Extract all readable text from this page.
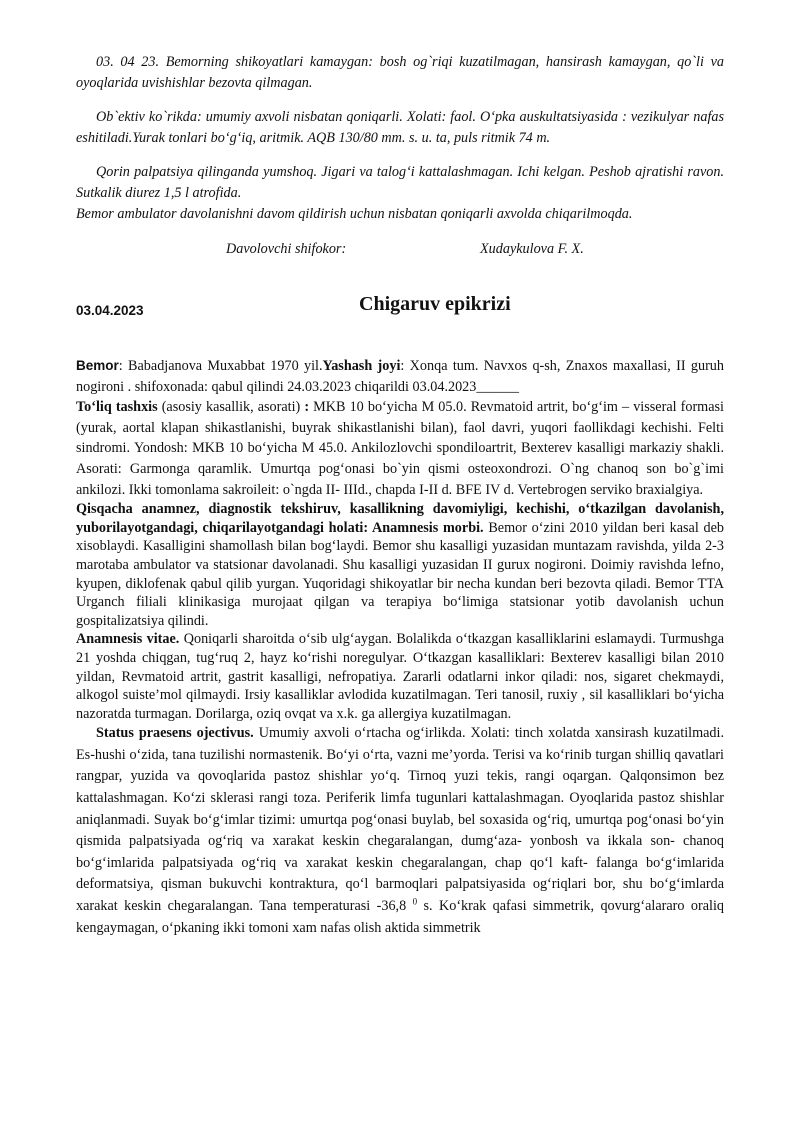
03. 04 23. Bemorning shikoyatlari kamaygan: bosh og`riqi kuzatilmagan, hansirash kamaygan, qo`li va oyoqlarida uvishishlar bezovta qilmagan.

Ob`ektiv ko`rikda: umumiy axvoli nisbatan qoniqarli. Xolati: faol. O‘pka auskultatsiyasida : vezikulyar nafas eshitiladi.Yurak tonlari bo‘g‘iq, aritmik. AQB 130/80 mm. s. u. ta, puls ritmik 74 m.

Qorin palpatsiya qilinganda yumshoq. Jigari va talog‘i kattalashmagan. Ichi kelgan. Peshob ajratishi ravon. Sutkalik diurez 1,5 l atrofida.

Bemor ambulator davolanishni davom qildirish uchun nisbatan qoniqarli axvolda chiqarilmoqda.

Davolovchi shifokor:	Xudaykulova F. X.
03.04.2023	Chigaruv epikrizi

Bemor: Babadjanova Muxabbat 1970 yil.Yashash joyi: Xonqa tum. Navxos q-sh, Znaxos maxallasi, II guruh nogironi . shifoxonada: qabul qilindi 24.03.2023 chiqarildi 03.04.2023______

To‘liq tashxis (asosiy kasallik, asorati) : MKB 10 bo‘yicha M 05.0. Revmatoid artrit, bo‘g‘im – visseral formasi (yurak, aortal klapan shikastlanishi, buyrak shikastlanishi bilan), faol davri, yuqori faollikdagi kechishi. Felti sindromi. Yondosh: MKB 10 bo‘yicha M 45.0. Ankilozlovchi spondiloartrit, Bexterev kasalligi markaziy shakli. Asorati: Garmonga qaramlik. Umurtqa pog‘onasi bo`yin qismi osteoxondrozi. O`ng chanoq son bo`g`imi ankilozi. Ikki tomonlama sakroileit: o`ngda II- IIId., chapda I-II d. BFE IV d. Vertebrogen serviko braxialgiya.

Qisqacha anamnez, diagnostik tekshiruv, kasallikning davomiyligi, kechishi, o‘tkazilgan davolanish, yuborilayotgandagi, chiqarilayotgandagi holati: Anamnesis morbi. Bemor o‘zini 2010 yildan beri kasal deb xisoblaydi. Kasalligini shamollash bilan bog‘laydi. Bemor shu kasalligi yuzasidan muntazam ravishda, yilda 2-3 marotaba ambulator va statsionar davolanadi. Shu kasalligi yuzasidan II gurux nogironi. Doimiy ravishda lefno, kyupen, diklofenak qabul qilib yurgan. Yuqoridagi shikoyatlar bir necha kundan beri bezovta qiladi. Bemor TTA Urganch filiali klinikasiga murojaat qilgan va terapiya bo‘limiga statsionar yotib davolanish uchun gospitalizatsiya qilindi.

Anamnesis vitae. Qoniqarli sharoitda o‘sib ulg‘aygan. Bolalikda o‘tkazgan kasalliklarini eslamaydi. Turmushga 21 yoshda chiqgan, tug‘ruq 2, hayz ko‘rishi noregulyar. O‘tkazgan kasalliklari: Bexterev kasalligi bilan 2010 yildan, Revmatoid artrit, gastrit kasalligi, nefropatiya. Zararli odatlarni inkor qiladi: nos, sigaret chekmaydi, alkogol suiste’mol qilmaydi. Irsiy kasalliklar avlodida kuzatilmagan. Teri tanosil, ruxiy , sil kasalliklari bo‘yicha nazoratda turmagan. Dorilarga, oziq ovqat va x.k. ga allergiya kuzatilmagan.

Status praesens ojectivus. Umumiy axvoli o‘rtacha og‘irlikda. Xolati: tinch xolatda xansirash kuzatilmadi. Es-hushi o‘zida, tana tuzilishi normastenik. Bo‘yi o‘rta, vazni me’yorda. Terisi va ko‘rinib turgan shilliq qavatlari rangpar, yuzida va qovoqlarida pastoz shishlar yo‘q. Tirnoq yuzi tekis, rangi oqargan. Qalqonsimon bez kattalashmagan. Ko‘zi sklerasi rangi toza. Periferik limfa tugunlari kattalashmagan. Oyoqlarida pastoz shishlar aniqlanmadi. Suyak bo‘g‘imlar tizimi: umurtqa pog‘onasi buylab, bel soxasida og‘riq, umurtqa pog‘onasi bo‘yin qismida palpatsiyada og‘riq va xarakat keskin chegaralangan, dumg‘aza- yonbosh va ikkala son- chanoq bo‘g‘imlarida palpatsiyada og‘riq va xarakat keskin chegaralangan, chap qo‘l kaft- falanga bo‘g‘imlarida deformatsiya, qisman bukuvchi kontraktura, qo‘l barmoqlari palpatsiyasida og‘riqlari bor, shu bo‘g‘imlarda xarakat keskin chegaralangan. Tana temperaturasi -36,8 $^0$ s. Ko‘krak qafasi simmetrik, qovurg‘alararo oraliq kengaymagan, o‘pkaning ikki tomoni xam nafas olish aktida simmetrik
